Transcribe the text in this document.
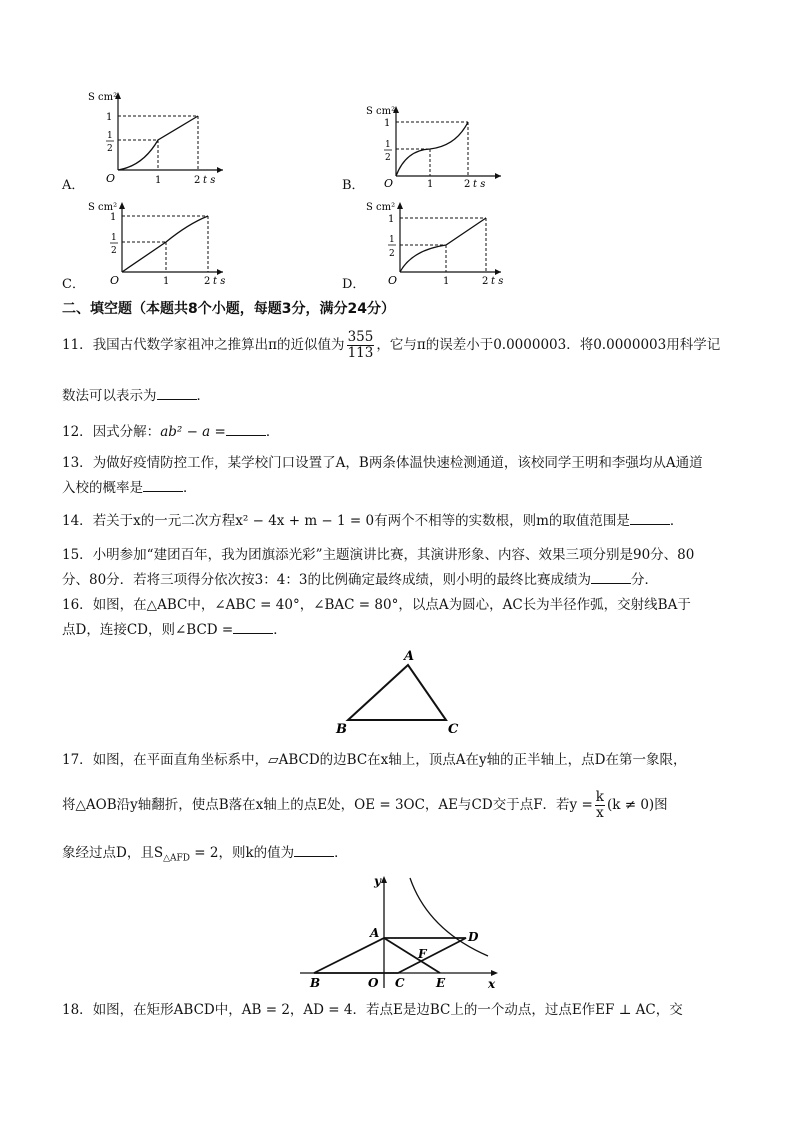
S cm²
1
1
2
O	1	2 t s
A．
S cm²
1
1
2
O	1	2 t s
B．
S cm²
1
1
2
O	1	2 t s
C．
S cm²
1
1
2
O	1	2 t s
D．
二、填空题（本题共8个小题，每题3分，满分24分）
11．我国古代数学家祖冲之推算出π的近似值为 $\frac{355}{113}$ ，它与π的误差小于0.0000003．将0.0000003用科学记
数法可以表示为	．
12．因式分解：ab² − a =	．
13．为做好疫情防控工作，某学校门口设置了A，B两条体温快速检测通道，该校同学王明和李强均从A通道
入校的概率是	．
14．若关于x的一元二次方程x² − 4x + m − 1 = 0有两个不相等的实数根，则m的取值范围是	．
15．小明参加“建团百年，我为团旗添光彩”主题演讲比赛，其演讲形象、内容、效果三项分别是90分、80
分、80分．若将三项得分依次按3：4：3的比例确定最终成绩，则小明的最终比赛成绩为	分．
16．如图，在△ABC中，∠ABC = 40°，∠BAC = 80°，以点A为圆心，AC长为半径作弧，交射线BA于
点D，连接CD，则∠BCD =	．
A
B	C
17．如图，在平面直角坐标系中，▱ABCD的边BC在x轴上，顶点A在y轴的正半轴上，点D在第一象限，
将△AOB沿y轴翻折，使点B落在x轴上的点E处，OE = 3OC，AE与CD交于点F．若$y = \frac{k}{x} (k \ne 0)$图
象经过点D，且$S_{\triangle AFD} = 2$，则k的值为	．
y
x
A
B	O C
D
E
F
18．如图，在矩形ABCD中，AB = 2，AD = 4．若点E是边BC上的一个动点，过点E作EF ⊥ AC，交
